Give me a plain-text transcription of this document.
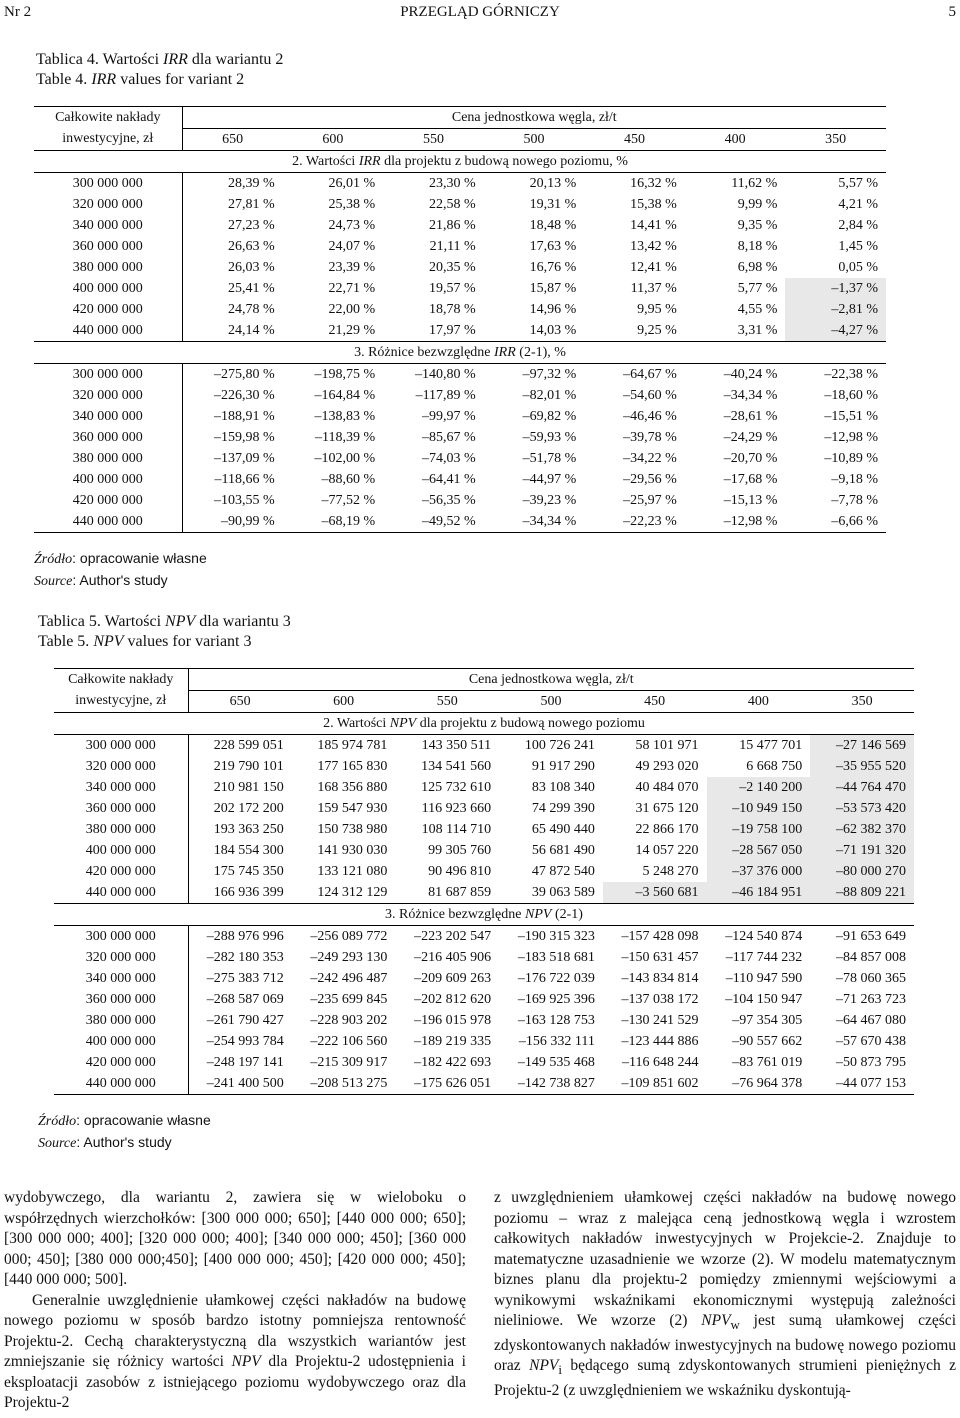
Nr 2	PRZEGLĄD GÓRNICZY	5
Tablica 4. Wartości IRR dla wariantu 2
Table 4. IRR values for variant 2
Całkowite nakłady	Cena jednostkowa węgla, zł/t						
inwestycyjne, zł	650	600	550	500	450	400	350
2. Wartości IRR dla projektu z budową nowego poziomu, %							
300 000 000	28,39 %	26,01 %	23,30 %	20,13 %	16,32 %	11,62 %	5,57 %
320 000 000	27,81 %	25,38 %	22,58 %	19,31 %	15,38 %	9,99 %	4,21 %
340 000 000	27,23 %	24,73 %	21,86 %	18,48 %	14,41 %	9,35 %	2,84 %
360 000 000	26,63 %	24,07 %	21,11 %	17,63 %	13,42 %	8,18 %	1,45 %
380 000 000	26,03 %	23,39 %	20,35 %	16,76 %	12,41 %	6,98 %	0,05 %
400 000 000	25,41 %	22,71 %	19,57 %	15,87 %	11,37 %	5,77 %	–1,37 %
420 000 000	24,78 %	22,00 %	18,78 %	14,96 %	9,95 %	4,55 %	–2,81 %
440 000 000	24,14 %	21,29 %	17,97 %	14,03 %	9,25 %	3,31 %	–4,27 %
3. Różnice bezwzględne IRR (2-1), %							
300 000 000	–275,80 %	–198,75 %	–140,80 %	–97,32 %	–64,67 %	–40,24 %	–22,38 %
320 000 000	–226,30 %	–164,84 %	–117,89 %	–82,01 %	–54,60 %	–34,34 %	–18,60 %
340 000 000	–188,91 %	–138,83 %	–99,97 %	–69,82 %	–46,46 %	–28,61 %	–15,51 %
360 000 000	–159,98 %	–118,39 %	–85,67 %	–59,93 %	–39,78 %	–24,29 %	–12,98 %
380 000 000	–137,09 %	–102,00 %	–74,03 %	–51,78 %	–34,22 %	–20,70 %	–10,89 %
400 000 000	–118,66 %	–88,60 %	–64,41 %	–44,97 %	–29,56 %	–17,68 %	–9,18 %
420 000 000	–103,55 %	–77,52 %	–56,35 %	–39,23 %	–25,97 %	–15,13 %	–7,78 %
440 000 000	–90,99 %	–68,19 %	–49,52 %	–34,34 %	–22,23 %	–12,98 %	–6,66 %
Źródło: opracowanie własne
Source: Author's study
Tablica 5. Wartości NPV dla wariantu 3
Table 5. NPV values for variant 3
Całkowite nakłady	Cena jednostkowa węgla, zł/t						
inwestycyjne, zł	650	600	550	500	450	400	350
2. Wartości NPV dla projektu z budową nowego poziomu							
300 000 000	228 599 051	185 974 781	143 350 511	100 726 241	58 101 971	15 477 701	–27 146 569
320 000 000	219 790 101	177 165 830	134 541 560	91 917 290	49 293 020	6 668 750	–35 955 520
340 000 000	210 981 150	168 356 880	125 732 610	83 108 340	40 484 070	–2 140 200	–44 764 470
360 000 000	202 172 200	159 547 930	116 923 660	74 299 390	31 675 120	–10 949 150	–53 573 420
380 000 000	193 363 250	150 738 980	108 114 710	65 490 440	22 866 170	–19 758 100	–62 382 370
400 000 000	184 554 300	141 930 030	99 305 760	56 681 490	14 057 220	–28 567 050	–71 191 320
420 000 000	175 745 350	133 121 080	90 496 810	47 872 540	5 248 270	–37 376 000	–80 000 270
440 000 000	166 936 399	124 312 129	81 687 859	39 063 589	–3 560 681	–46 184 951	–88 809 221
3. Różnice bezwzględne NPV (2-1)							
300 000 000	–288 976 996	–256 089 772	–223 202 547	–190 315 323	–157 428 098	–124 540 874	–91 653 649
320 000 000	–282 180 353	–249 293 130	–216 405 906	–183 518 681	–150 631 457	–117 744 232	–84 857 008
340 000 000	–275 383 712	–242 496 487	–209 609 263	–176 722 039	–143 834 814	–110 947 590	–78 060 365
360 000 000	–268 587 069	–235 699 845	–202 812 620	–169 925 396	–137 038 172	–104 150 947	–71 263 723
380 000 000	–261 790 427	–228 903 202	–196 015 978	–163 128 753	–130 241 529	–97 354 305	–64 467 080
400 000 000	–254 993 784	–222 106 560	–189 219 335	–156 332 111	–123 444 886	–90 557 662	–57 670 438
420 000 000	–248 197 141	–215 309 917	–182 422 693	–149 535 468	–116 648 244	–83 761 019	–50 873 795
440 000 000	–241 400 500	–208 513 275	–175 626 051	–142 738 827	–109 851 602	–76 964 378	–44 077 153
Źródło: opracowanie własne
Source: Author's study

wydobywczego, dla wariantu 2, zawiera się w wieloboku o współrzędnych wierzchołków: [300 000 000; 650]; [440 000 000; 650]; [300 000 000; 400]; [320 000 000; 400]; [340 000 000; 450]; [360 000 000; 450]; [380 000 000;450]; [400 000 000; 450]; [420 000 000; 450]; [440 000 000; 500].

Generalnie uwzględnienie ułamkowej części nakładów na budowę nowego poziomu w sposób bardzo istotny pomniejsza rentowność Projektu-2. Cechą charakterystyczną dla wszystkich wariantów jest zmniejszanie się różnicy wartości NPV dla Projektu-2 udostępnienia i eksploatacji zasobów z istniejącego poziomu wydobywczego oraz dla Projektu-2

z uwzględnieniem ułamkowej części nakładów na budowę nowego poziomu – wraz z malejąca ceną jednostkową węgla i wzrostem całkowitych nakładów inwestycyjnych w Projekcie-2. Znajduje to matematyczne uzasadnienie we wzorze (2). W modelu matematycznym biznes planu dla projektu-2 pomiędzy zmiennymi wejściowymi a wynikowymi wskaźnikami ekonomicznymi występują zależności nieliniowe. We wzorze (2) $NPV_w$ jest sumą ułamkowej części zdyskontowanych nakładów inwestycyjnych na budowę nowego poziomu oraz $NPV_i$ będącego sumą zdyskontowanych strumieni pieniężnych z Projektu-2 (z uwzględnieniem we wskaźniku dyskontują-
